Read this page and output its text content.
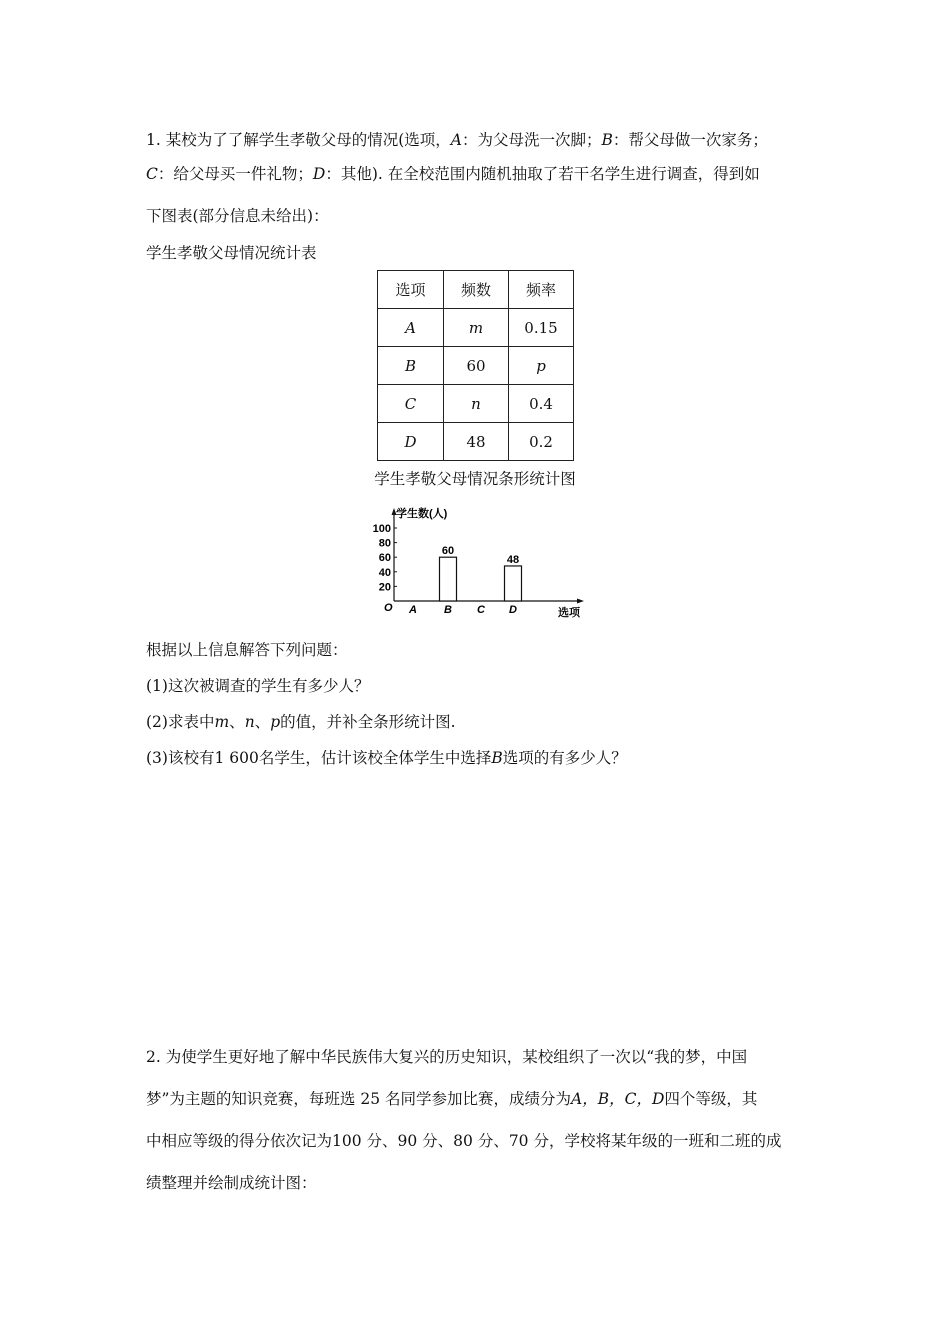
1. 某校为了了解学生孝敬父母的情况(选项，A：为父母洗一次脚；B：帮父母做一次家务；
C：给父母买一件礼物；D：其他). 在全校范围内随机抽取了若干名学生进行调查，得到如
下图表(部分信息未给出)：
学生孝敬父母情况统计表
选项	频数	频率
A	m	0.15
B	60	p
C	n	0.4
D	48	0.2
学生孝敬父母情况条形统计图
20
40
60
80
100
学生数(人)
O	选项
A B
60
C D
48
根据以上信息解答下列问题：
(1)这次被调查的学生有多少人？
(2)求表中m、n、p的值，并补全条形统计图.
(3)该校有1 600名学生，估计该校全体学生中选择B选项的有多少人？
2. 为使学生更好地了解中华民族伟大复兴的历史知识，某校组织了一次以“我的梦，中国
梦”为主题的知识竞赛，每班选 25 名同学参加比赛，成绩分为A，B，C，D四个等级，其
中相应等级的得分依次记为100 分、90 分、80 分、70 分，学校将某年级的一班和二班的成
绩整理并绘制成统计图：
